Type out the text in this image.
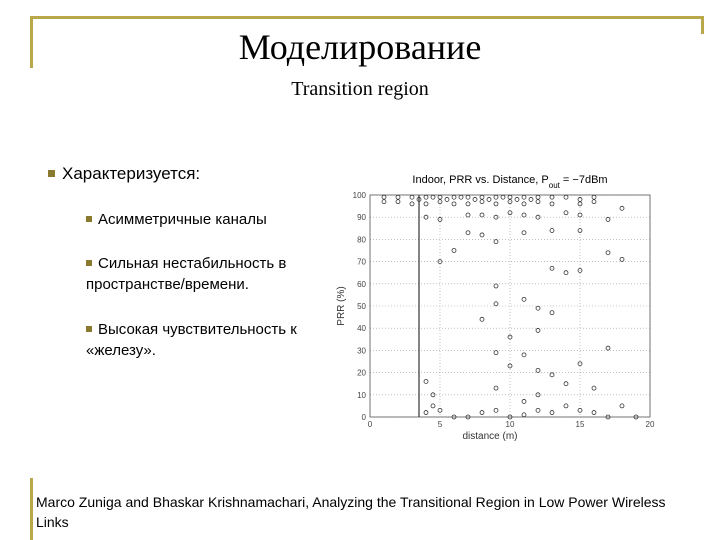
Моделирование
Transition region
Характеризуется:
Асимметричные каналы
Сильная нестабильность в пространстве/времени.
Высокая чувствительность к «железу».
Indoor, PRR vs. Distance, $P_{out} = -7dBm$
0
10
20
30
40
50
60
70
80
90
100
0	5	10	15	20
distance (m)
PRR (%)
Marco Zuniga and Bhaskar Krishnamachari, Analyzing the Transitional Region in Low Power Wireless Links
